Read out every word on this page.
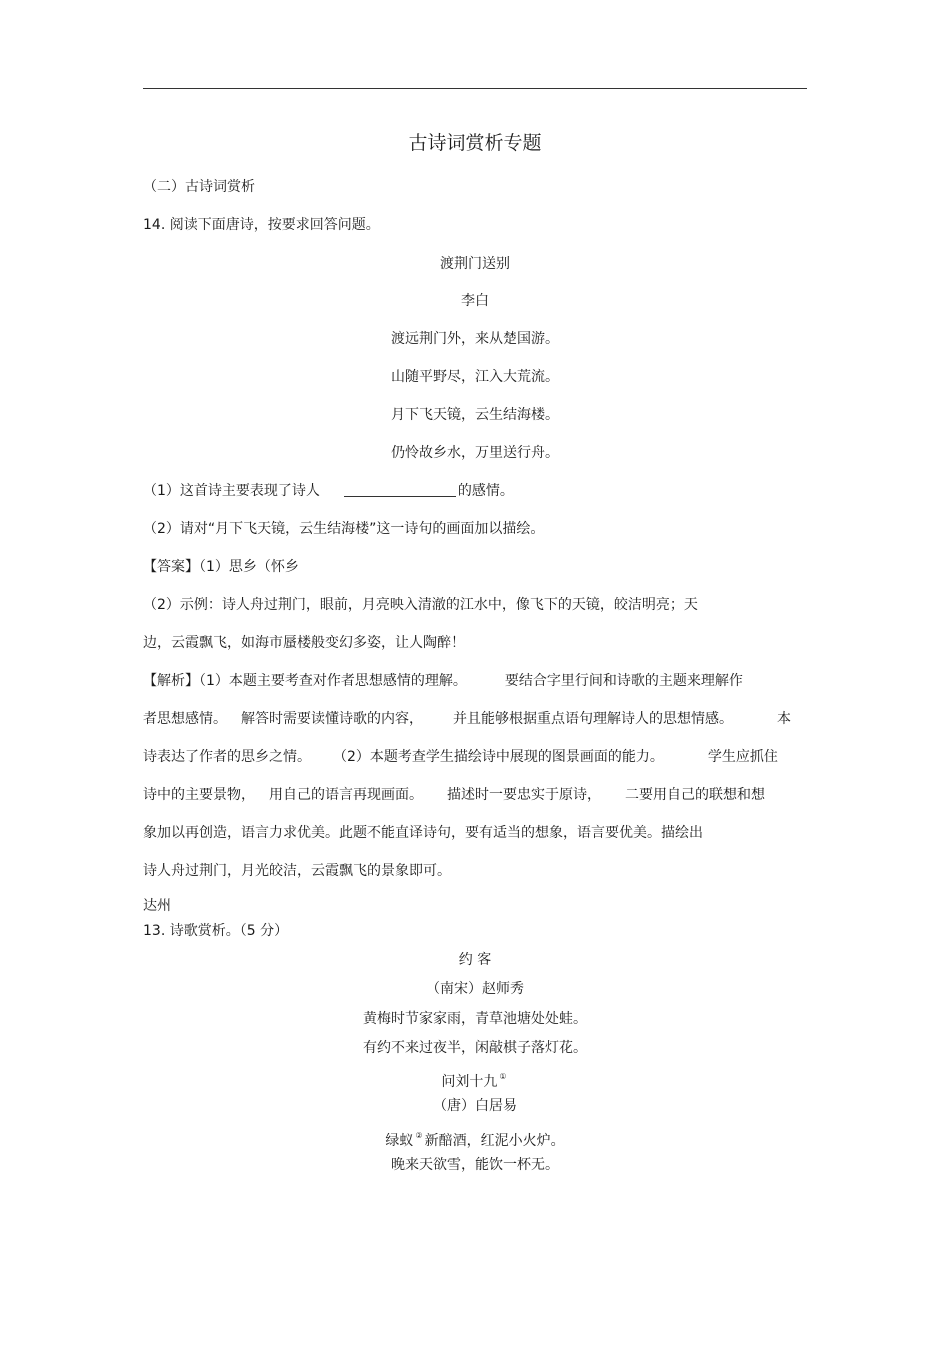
古诗词赏析专题
（二）古诗词赏析
14. 阅读下面唐诗，按要求回答问题。
渡荆门送别
李白
渡远荆门外，来从楚国游。
山随平野尽，江入大荒流。
月下飞天镜，云生结海楼。
仍怜故乡水，万里送行舟。
（1）这首诗主要表现了诗人	的感情。
（2）请对“月下飞天镜，云生结海楼”这一诗句的画面加以描绘。
【答案】（1）思乡（怀乡
（2）示例：诗人舟过荆门，眼前，月亮映入清澈的江水中，像飞下的天镜，皎洁明亮；天
边，云霞飘飞，如海市蜃楼般变幻多姿，让人陶醉！
【解析】（1）本题主要考查对作者思想感情的理解。	要结合字里行间和诗歌的主题来理解作
者思想感情。 解答时需要读懂诗歌的内容， 并且能够根据重点语句理解诗人的思想情感。	本
诗表达了作者的思乡之情。 （2）本题考查学生描绘诗中展现的图景画面的能力。	学生应抓住
诗中的主要景物， 用自己的语言再现画面。 描述时一要忠实于原诗， 二要用自己的联想和想
象加以再创造，语言力求优美。此题不能直译诗句，要有适当的想象，语言要优美。描绘出
诗人舟过荆门，月光皎洁，云霞飘飞的景象即可。
达州
13. 诗歌赏析。（5 分）
约 客
（南宋）赵师秀
黄梅时节家家雨，青草池塘处处蛙。
有约不来过夜半，闲敲棋子落灯花。
问刘十九 ①
（唐）白居易
绿蚁 ② 新醅酒，红泥小火炉。
晚来天欲雪，能饮一杯无。
